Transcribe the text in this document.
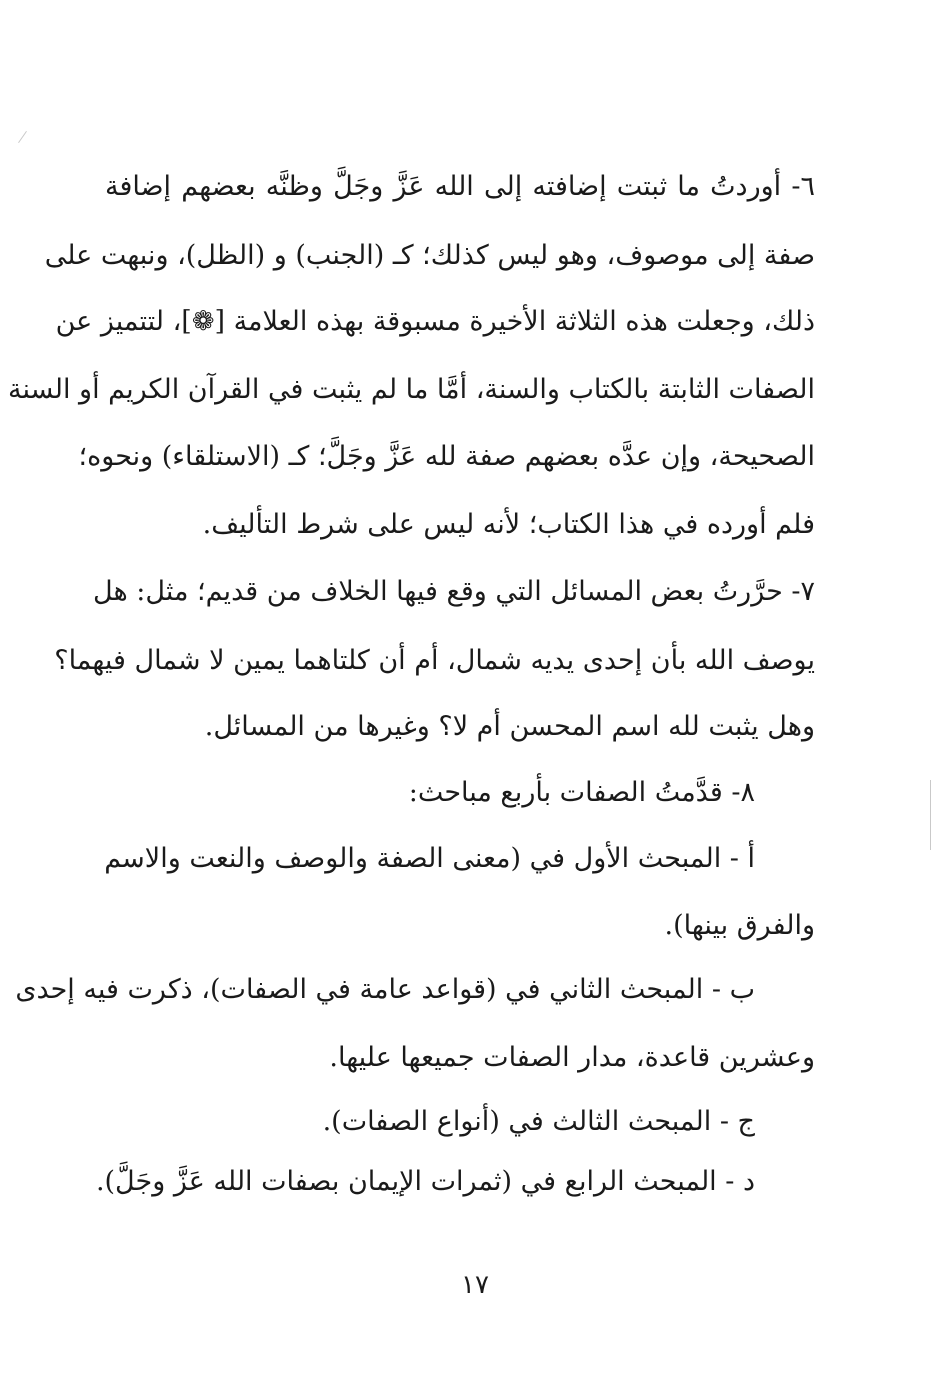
٦- أوردتُ ما ثبتت إضافته إلى الله عَزَّ وجَلَّ وظنَّه بعضهم إضافة
صفة إلى موصوف، وهو ليس كذلك؛ كـ (الجنب) و (الظل)، ونبهت على
ذلك، وجعلت هذه الثلاثة الأخيرة مسبوقة بهذه العلامة [❁]، لتتميز عن
الصفات الثابتة بالكتاب والسنة، أمَّا ما لم يثبت في القرآن الكريم أو السنة
الصحيحة، وإن عدَّه بعضهم صفة لله عَزَّ وجَلَّ؛ كـ (الاستلقاء) ونحوه؛
فلم أورده في هذا الكتاب؛ لأنه ليس على شرط التأليف.
٧- حرَّرتُ بعض المسائل التي وقع فيها الخلاف من قديم؛ مثل: هل
يوصف الله بأن إحدى يديه شمال، أم أن كلتاهما يمين لا شمال فيهما؟
وهل يثبت لله اسم المحسن أم لا؟ وغيرها من المسائل.
٨- قدَّمتُ الصفات بأربع مباحث:
أ - المبحث الأول في (معنى الصفة والوصف والنعت والاسم
والفرق بينها).
ب - المبحث الثاني في (قواعد عامة في الصفات)، ذكرت فيه إحدى
وعشرين قاعدة، مدار الصفات جميعها عليها.
ج - المبحث الثالث في (أنواع الصفات).
د - المبحث الرابع في (ثمرات الإيمان بصفات الله عَزَّ وجَلَّ).
١٧
